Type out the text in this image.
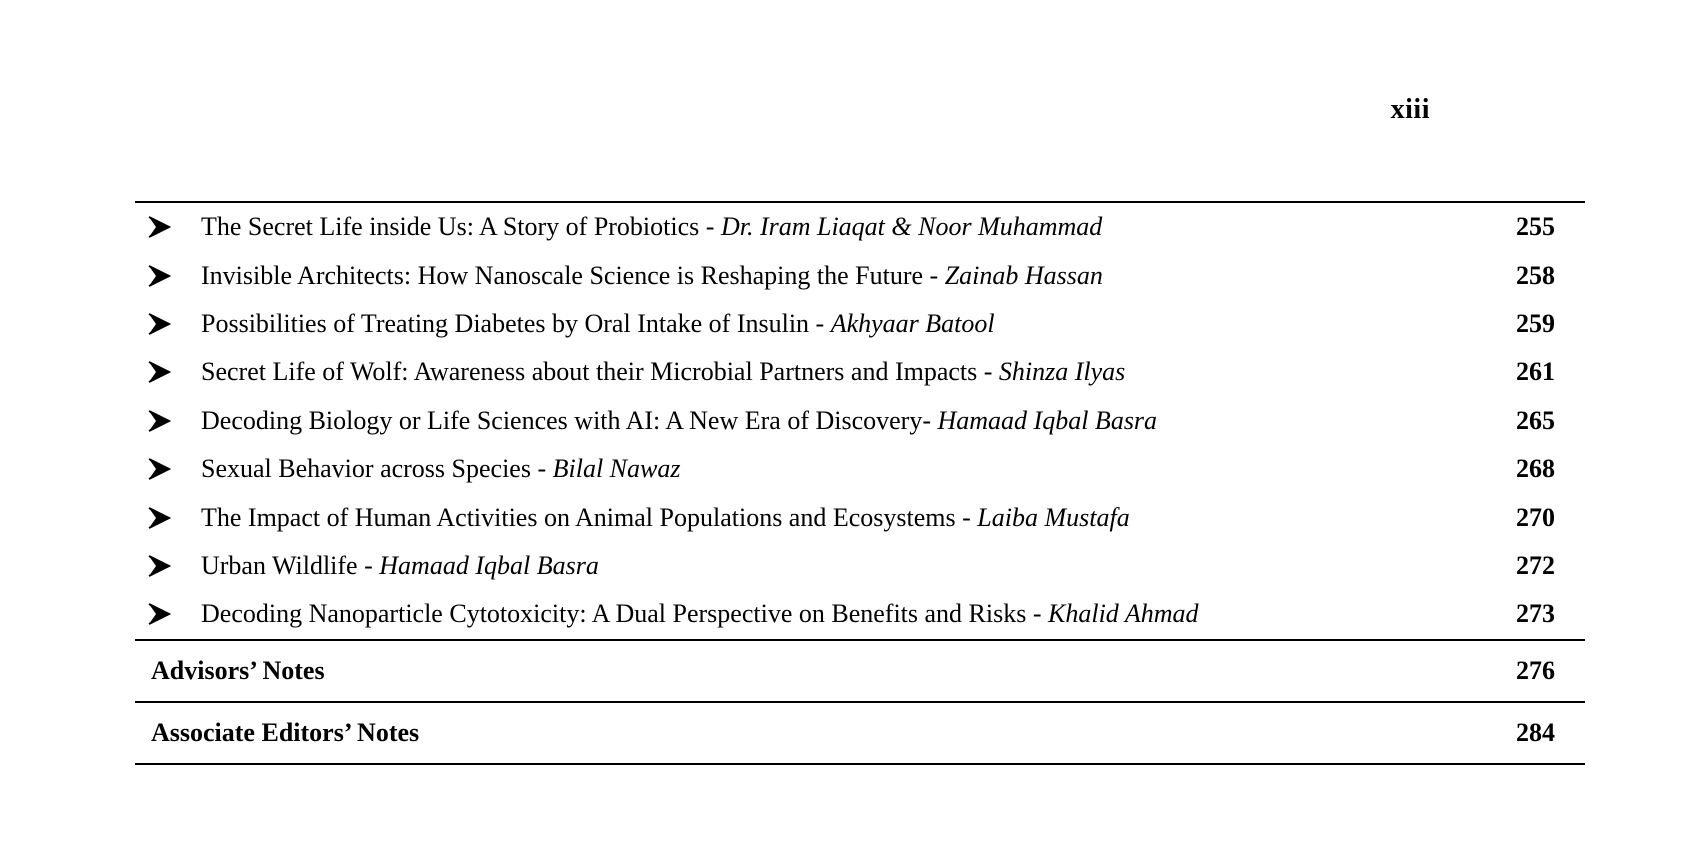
xiii
The Secret Life inside Us: A Story of Probiotics - Dr. Iram Liaqat & Noor Muhammad	255
Invisible Architects: How Nanoscale Science is Reshaping the Future - Zainab Hassan	258
Possibilities of Treating Diabetes by Oral Intake of Insulin - Akhyaar Batool	259
Secret Life of Wolf: Awareness about their Microbial Partners and Impacts - Shinza Ilyas	261
Decoding Biology or Life Sciences with AI: A New Era of Discovery- Hamaad Iqbal Basra	265
Sexual Behavior across Species - Bilal Nawaz	268
The Impact of Human Activities on Animal Populations and Ecosystems - Laiba Mustafa	270
Urban Wildlife - Hamaad Iqbal Basra	272
Decoding Nanoparticle Cytotoxicity: A Dual Perspective on Benefits and Risks - Khalid Ahmad	273
Advisors’ Notes	276
Associate Editors’ Notes	284
